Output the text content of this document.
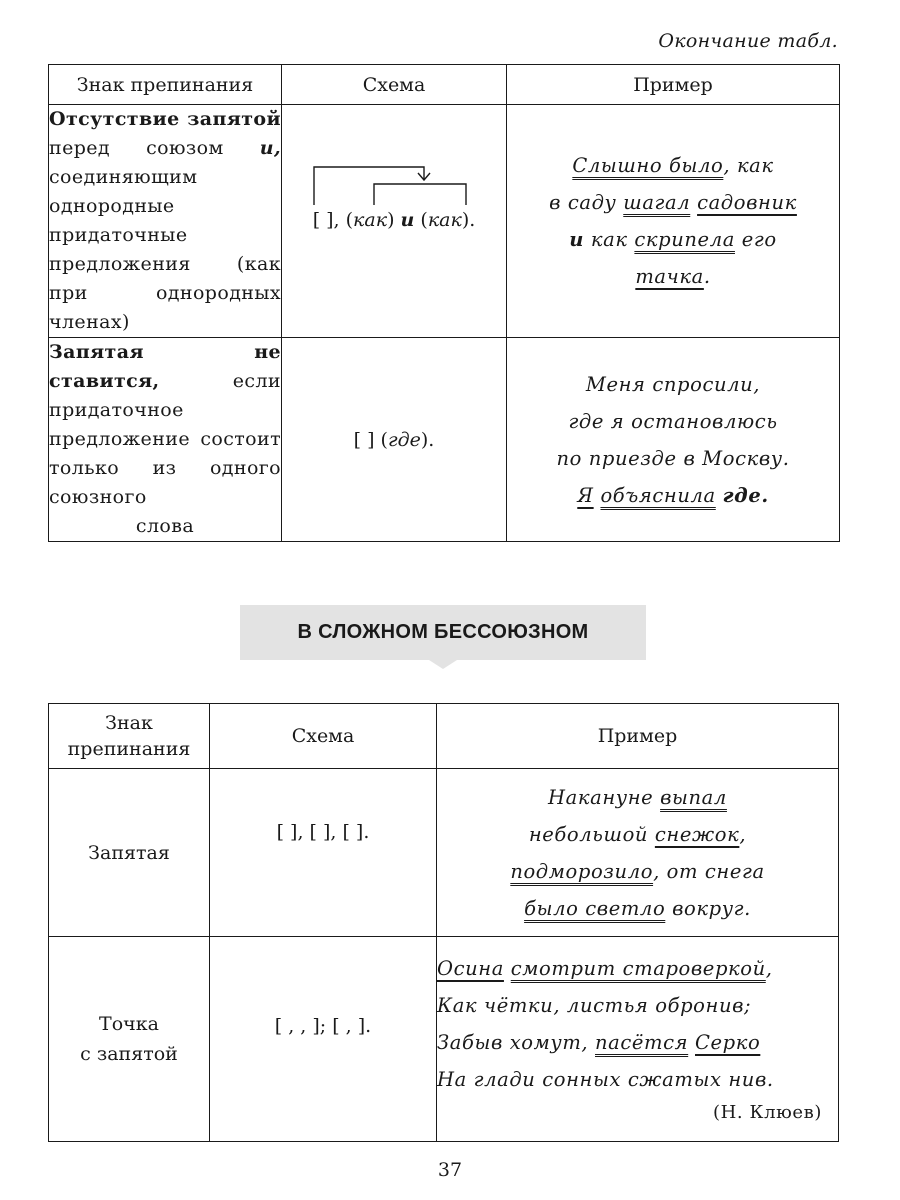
Окончание табл.
Знак препинания	Схема	Пример
Отсутствие запятой перед союзом и, соединяющим однородные придаточные предложения (как при однородных членах)	[ ], (как) и (как).	Слышно было, как
в саду шагал садовник
и как скрипела его
тачка.

Запятая не ставится, если придаточное предложение состоит только из одного союзного
слова	[ ] (где).	Меня спросили,
где я остановлюсь
по приезде в Москву.
Я объяснила где.
В СЛОЖНОМ БЕССОЮЗНОМ
Знак препинания	Схема	Пример
Запятая	[ ], [ ], [ ].	Накануне выпал
небольшой снежок,
подморозило, от снега
было светло вокруг.

Точка
с запятой	[ , , ]; [ , ].	Осина смотрит староверкой,
Как чётки, листья обронив;
Забыв хомут, пасётся Серко
На глади сонных сжатых нив.
(Н. Клюев)
37
